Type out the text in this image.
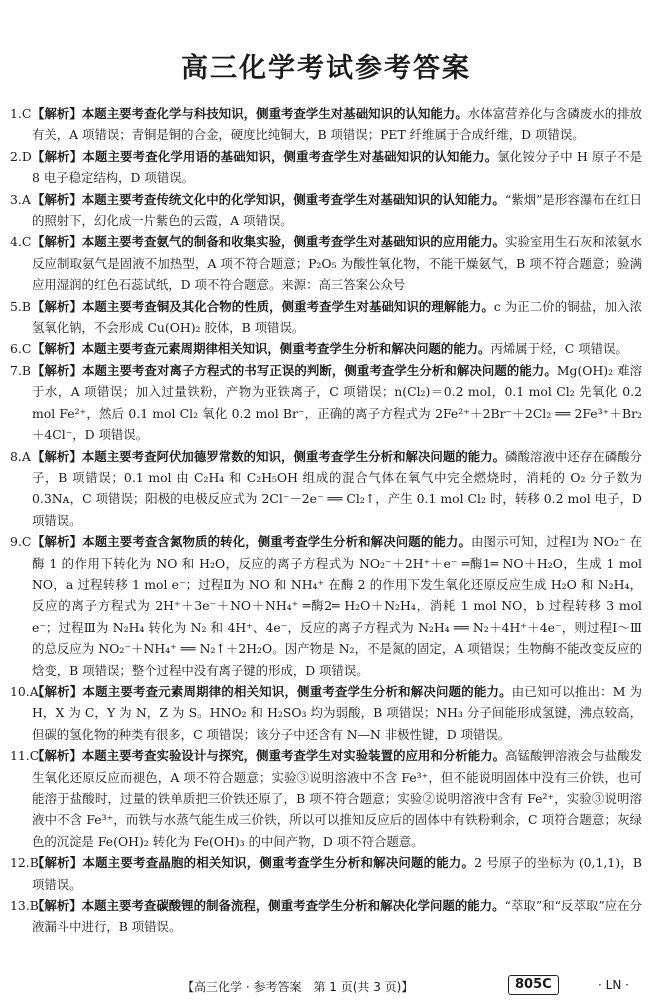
高三化学考试参考答案
1.C 【解析】本题主要考查化学与科技知识，侧重考查学生对基础知识的认知能力。水体富营养化与含磷废水的排放有关，A 项错误；青铜是铜的合金，硬度比纯铜大，B 项错误；PET 纤维属于合成纤维，D 项错误。
2.D 【解析】本题主要考查化学用语的基础知识，侧重考查学生对基础知识的认知能力。氯化铵分子中 H 原子不是 8 电子稳定结构，D 项错误。
3.A 【解析】本题主要考查传统文化中的化学知识，侧重考查学生对基础知识的认知能力。“紫烟”是形容瀑布在红日的照射下，幻化成一片紫色的云霞，A 项错误。
4.C 【解析】本题主要考查氨气的制备和收集实验，侧重考查学生对基础知识的应用能力。实验室用生石灰和浓氨水反应制取氨气是固液不加热型，A 项不符合题意；P₂O₅ 为酸性氧化物，不能干燥氨气，B 项不符合题意；验满应用湿润的红色石蕊试纸，D 项不符合题意。来源：高三答案公众号
5.B 【解析】本题主要考查铜及其化合物的性质，侧重考查学生对基础知识的理解能力。c 为正二价的铜盐，加入浓氢氧化钠，不会形成 Cu(OH)₂ 胶体，B 项错误。
6.C 【解析】本题主要考查元素周期律相关知识，侧重考查学生分析和解决问题的能力。丙烯属于烃，C 项错误。
7.B 【解析】本题主要考查对离子方程式的书写正误的判断，侧重考查学生分析和解决问题的能力。Mg(OH)₂ 难溶于水，A 项错误；加入过量铁粉，产物为亚铁离子，C 项错误；n(Cl₂)＝0.2 mol，0.1 mol Cl₂ 先氧化 0.2 mol Fe²⁺，然后 0.1 mol Cl₂ 氧化 0.2 mol Br⁻，正确的离子方程式为 2Fe²⁺＋2Br⁻＋2Cl₂ ══ 2Fe³⁺＋Br₂＋4Cl⁻，D 项错误。
8.A 【解析】本题主要考查阿伏加德罗常数的知识，侧重考查学生分析和解决问题的能力。磷酸溶液中还存在磷酸分子，B 项错误；0.1 mol 由 C₂H₄ 和 C₂H₅OH 组成的混合气体在氧气中完全燃烧时，消耗的 O₂ 分子数为 0.3Nᴀ，C 项错误；阳极的电极反应式为 2Cl⁻－2e⁻ ══ Cl₂↑，产生 0.1 mol Cl₂ 时，转移 0.2 mol 电子，D 项错误。
9.C 【解析】本题主要考查含氮物质的转化，侧重考查学生分析和解决问题的能力。由图示可知，过程Ⅰ为 NO₂⁻ 在酶 1 的作用下转化为 NO 和 H₂O，反应的离子方程式为 NO₂⁻＋2H⁺＋e⁻ ═酶1═ NO＋H₂O，生成 1 mol NO，a 过程转移 1 mol e⁻；过程Ⅱ为 NO 和 NH₄⁺ 在酶 2 的作用下发生氧化还原反应生成 H₂O 和 N₂H₄，反应的离子方程式为 2H⁺＋3e⁻＋NO＋NH₄⁺ ═酶2═ H₂O＋N₂H₄，消耗 1 mol NO，b 过程转移 3 mol e⁻；过程Ⅲ为 N₂H₄ 转化为 N₂ 和 4H⁺、4e⁻，反应的离子方程式为 N₂H₄ ══ N₂＋4H⁺＋4e⁻，则过程Ⅰ～Ⅲ的总反应为 NO₂⁻＋NH₄⁺ ══ N₂↑＋2H₂O。因产物是 N₂，不是氮的固定，A 项错误；生物酶不能改变反应的焓变，B 项错误；整个过程中没有离子键的形成，D 项错误。
10.A
【解析】本题主要考查元素周期律的相关知识，侧重考查学生分析和解决问题的能力。由已知可以推出：M 为 H，X 为 C，Y 为 N，Z 为 S。HNO₂ 和 H₂SO₃ 均为弱酸，B 项错误；NH₃ 分子间能形成氢键，沸点较高，但碳的氢化物的种类有很多，C 项错误；该分子中还含有 N—N 非极性键，D 项错误。
11.C
【解析】本题主要考查实验设计与探究，侧重考查学生对实验装置的应用和分析能力。高锰酸钾溶液会与盐酸发生氧化还原反应而褪色，A 项不符合题意；实验③说明溶液中不含 Fe³⁺，但不能说明固体中没有三价铁，也可能溶于盐酸时，过量的铁单质把三价铁还原了，B 项不符合题意；实验②说明溶液中含有 Fe²⁺，实验③说明溶液中不含 Fe³⁺，而铁与水蒸气能生成三价铁，所以可以推知反应后的固体中有铁粉剩余，C 项符合题意；灰绿色的沉淀是 Fe(OH)₂ 转化为 Fe(OH)₃ 的中间产物，D 项不符合题意。
12.B
【解析】本题主要考查晶胞的相关知识，侧重考查学生分析和解决问题的能力。2 号原子的坐标为 (0,1,1)，B 项错误。
13.B
【解析】本题主要考查碳酸锂的制备流程，侧重考查学生分析和解决化学问题的能力。“萃取”和“反萃取”应在分液漏斗中进行，B 项错误。
【高三化学 · 参考答案　第 1 页(共 3 页)】	805C	· LN ·
